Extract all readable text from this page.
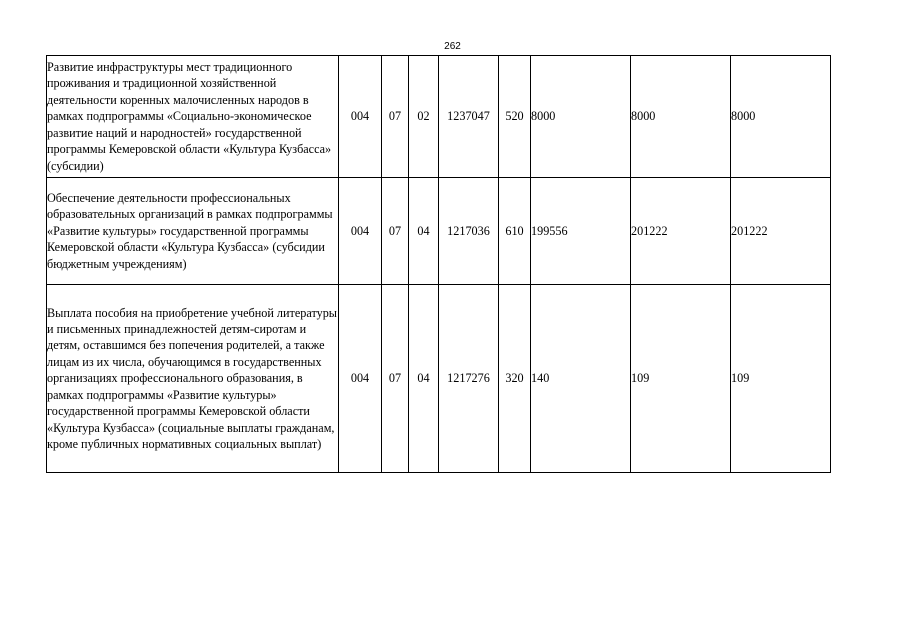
262
Развитие инфраструктуры мест традиционного проживания и традиционной хозяйственной деятельности коренных малочисленных народов в рамках подпрограммы «Социально-экономическое развитие наций и народностей» государственной программы Кемеровской области «Культура Кузбасса» (субсидии)	004	07	02	1237047	520	8000	8000	8000
Обеспечение деятельности профессиональных образовательных организаций в рамках подпрограммы «Развитие культуры» государственной программы Кемеровской области «Культура Кузбасса» (субсидии бюджетным учреждениям)	004	07	04	1217036	610	199556	201222	201222
Выплата пособия на приобретение учебной литературы и письменных принадлежностей детям-сиротам и детям, оставшимся без попечения родителей, а также лицам из их числа, обучающимся в государственных организациях профессионального образования, в рамках подпрограммы «Развитие культуры» государственной программы Кемеровской области «Культура Кузбасса» (социальные выплаты гражданам, кроме публичных нормативных социальных выплат)	004	07	04	1217276	320	140	109	109
